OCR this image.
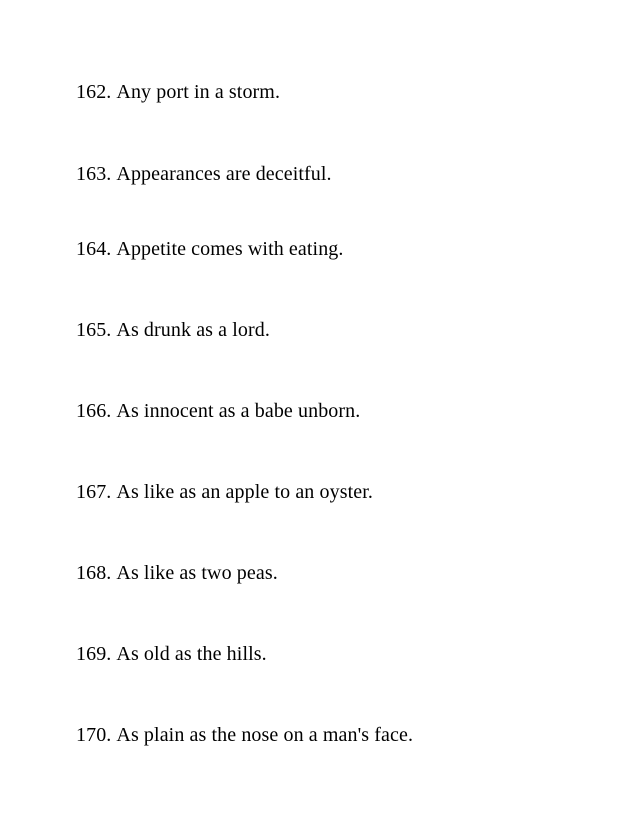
162. Any port in a storm.
163. Appearances are deceitful.
164. Appetite comes with eating.
165. As drunk as a lord.
166. As innocent as a babe unborn.
167. As like as an apple to an oyster.
168. As like as two peas.
169. As old as the hills.
170. As plain as the nose on a man's face.
